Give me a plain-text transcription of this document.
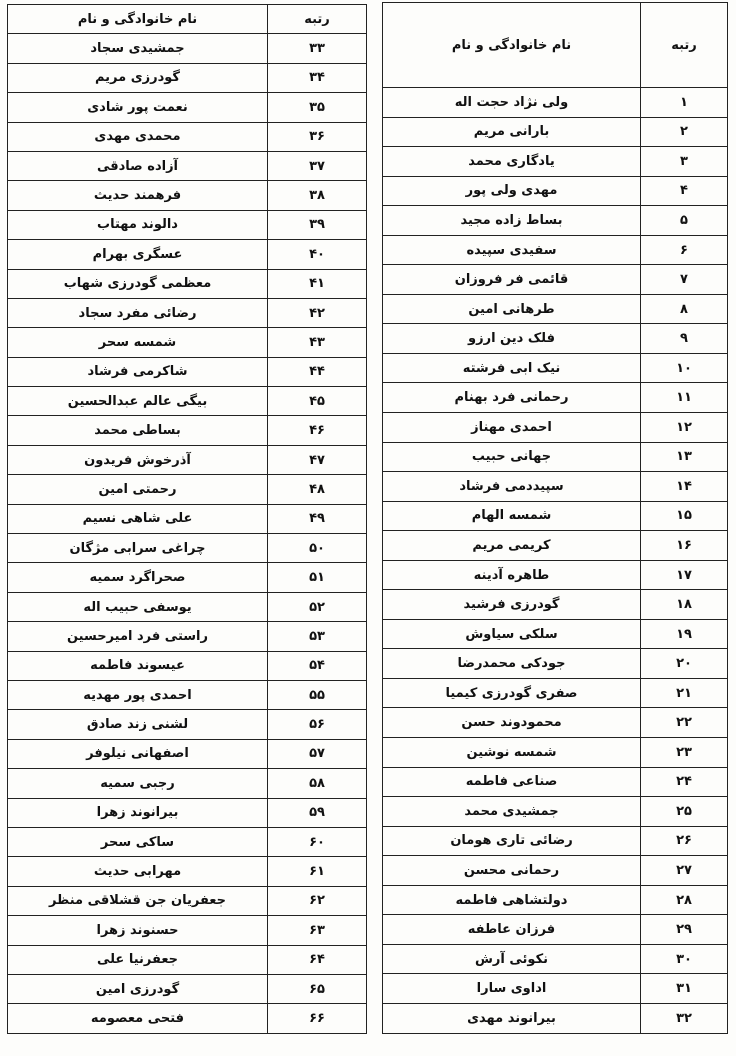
نام خانوادگی و نام	رتبه
جمشیدی سجاد	۳۳
گودرزی مریم	۳۴
نعمت پور شادی	۳۵
محمدی مهدی	۳۶
آزاده صادقی	۳۷
فرهمند حدیث	۳۸
دالوند مهتاب	۳۹
عسگری بهرام	۴۰
معظمی گودرزی شهاب	۴۱
رضائی مفرد سجاد	۴۲
شمسه سحر	۴۳
شاکرمی فرشاد	۴۴
بیگی عالم عبدالحسین	۴۵
بساطی محمد	۴۶
آذرخوش فریدون	۴۷
رحمتی امین	۴۸
علی شاهی نسیم	۴۹
چراغی سرابی مژگان	۵۰
صحراگرد سمیه	۵۱
یوسفی حبیب اله	۵۲
راستی فرد امیرحسین	۵۳
عیسوند فاطمه	۵۴
احمدی پور مهدیه	۵۵
لشنی زند صادق	۵۶
اصفهانی نیلوفر	۵۷
رجبی سمیه	۵۸
بیرانوند زهرا	۵۹
ساکی سحر	۶۰
مهرابی حدیث	۶۱
جعفریان جن قشلاقی منظر	۶۲
حسنوند زهرا	۶۳
جعفرنیا علی	۶۴
گودرزی امین	۶۵
فتحی معصومه	۶۶
نام خانوادگی و نام	رتبه
ولی نژاد حجت اله	۱
بارانی مریم	۲
یادگاری محمد	۳
مهدی ولی پور	۴
بساط زاده مجید	۵
سفیدی سپیده	۶
قائمی فر فروزان	۷
طرهانی امین	۸
فلک دین ارزو	۹
نیک ابی فرشته	۱۰
رحمانی فرد بهنام	۱۱
احمدی مهناز	۱۲
جهانی حبیب	۱۳
سپیددمی فرشاد	۱۴
شمسه الهام	۱۵
کریمی مریم	۱۶
طاهره آدینه	۱۷
گودرزی فرشید	۱۸
سلکی سیاوش	۱۹
جودکی محمدرضا	۲۰
صفری گودرزی کیمیا	۲۱
محمودوند حسن	۲۲
شمسه نوشین	۲۳
صناعی فاطمه	۲۴
جمشیدی محمد	۲۵
رضائی تاری هومان	۲۶
رحمانی محسن	۲۷
دولتشاهی فاطمه	۲۸
فرزان عاطفه	۲۹
نکوئی آرش	۳۰
اداوی سارا	۳۱
بیرانوند مهدی	۳۲
